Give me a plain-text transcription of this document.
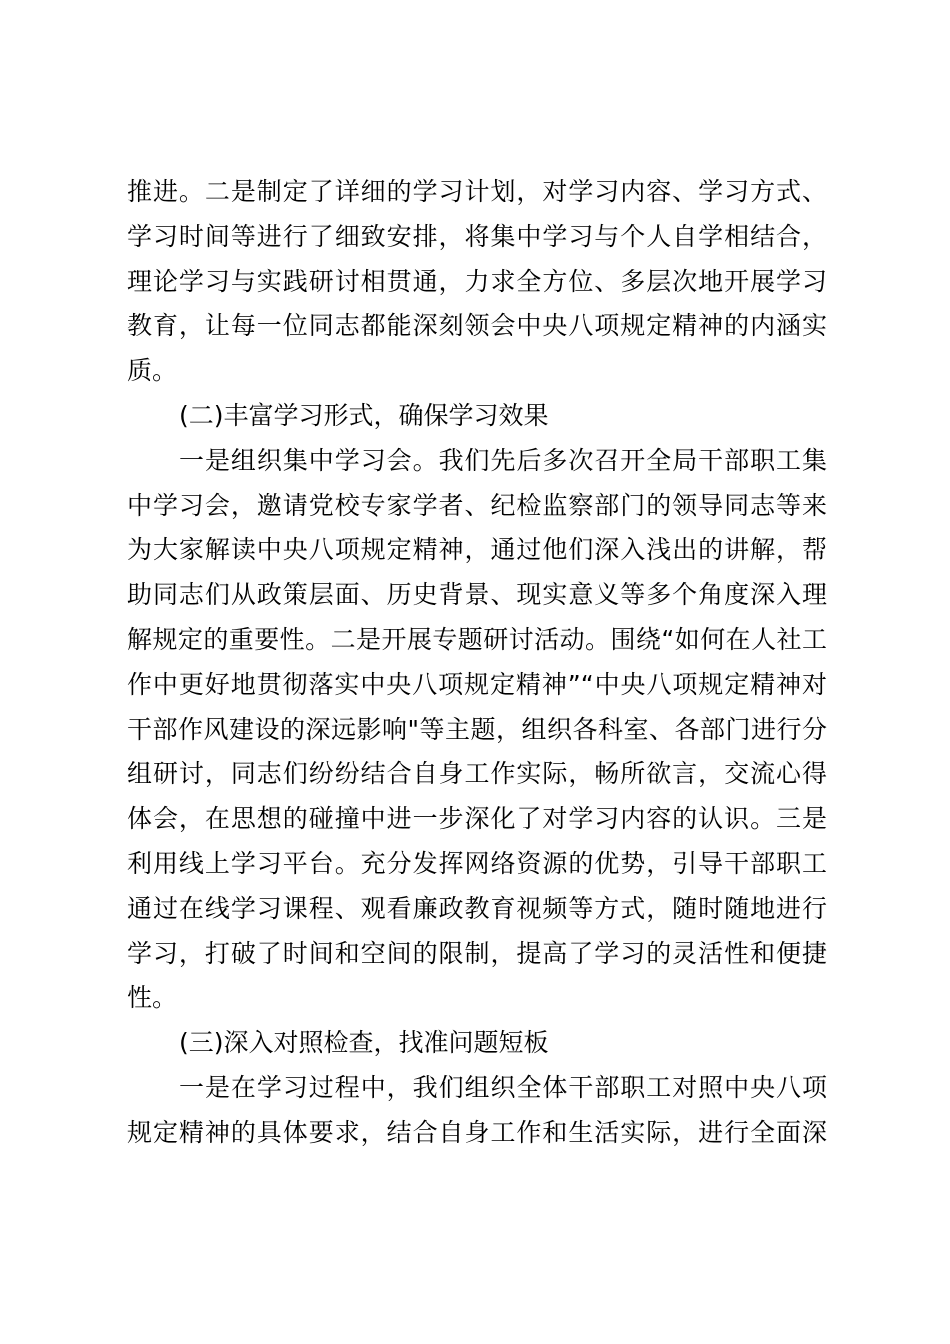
推进。二是制定了详细的学习计划，对学习内容、学习方式、
学习时间等进行了细致安排，将集中学习与个人自学相结合，
理论学习与实践研讨相贯通，力求全方位、多层次地开展学习
教育，让每一位同志都能深刻领会中央八项规定精神的内涵实
质。
(二)丰富学习形式，确保学习效果
一是组织集中学习会。我们先后多次召开全局干部职工集
中学习会，邀请党校专家学者、纪检监察部门的领导同志等来
为大家解读中央八项规定精神，通过他们深入浅出的讲解，帮
助同志们从政策层面、历史背景、现实意义等多个角度深入理
解规定的重要性。二是开展专题研讨活动。围绕“如何在人社工
作中更好地贯彻落实中央八项规定精神”“中央八项规定精神对
干部作风建设的深远影响"等主题，组织各科室、各部门进行分
组研讨，同志们纷纷结合自身工作实际，畅所欲言，交流心得
体会，在思想的碰撞中进一步深化了对学习内容的认识。三是
利用线上学习平台。充分发挥网络资源的优势，引导干部职工
通过在线学习课程、观看廉政教育视频等方式，随时随地进行
学习，打破了时间和空间的限制，提高了学习的灵活性和便捷
性。
(三)深入对照检查，找准问题短板
一是在学习过程中，我们组织全体干部职工对照中央八项
规定精神的具体要求，结合自身工作和生活实际，进行全面深
